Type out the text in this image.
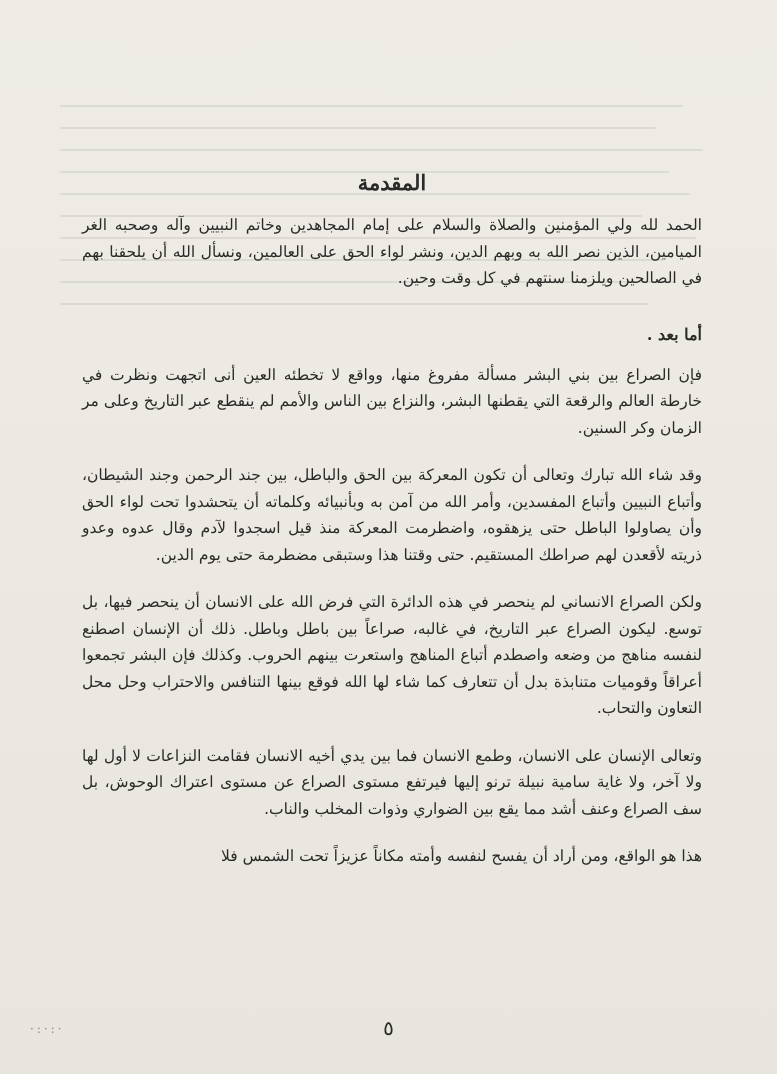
المقدمة

الحمد لله ولي المؤمنين والصلاة والسلام على إمام المجاهدين وخاتم النبيين وآله وصحبه الغر الميامين، الذين نصر الله به وبهم الدين، ونشر لواء الحق على العالمين، ونسأل الله أن يلحقنا بهم في الصالحين ويلزمنا سنتهم في كل وقت وحين.

أما بعد .

فإن الصراع بين بني البشر مسألة مفروغ منها، وواقع لا تخطئه العين أنى اتجهت ونظرت في خارطة العالم والرقعة التي يقطنها البشر، والنزاع بين الناس والأمم لم ينقطع عبر التاريخ وعلى مر الزمان وكر السنين.

وقد شاء الله تبارك وتعالى أن تكون المعركة بين الحق والباطل، بين جند الرحمن وجند الشيطان، وأتباع النبيين وأتباع المفسدين، وأمر الله من آمن به وبأنبيائه وكلماته أن يتحشدوا تحت لواء الحق وأن يصاولوا الباطل حتى يزهقوه، واضطرمت المعركة منذ قيل اسجدوا لآدم وقال عدوه وعدو ذريته لأقعدن لهم صراطك المستقيم. حتى وقتنا هذا وستبقى مضطرمة حتى يوم الدين.

ولكن الصراع الانساني لم ينحصر في هذه الدائرة التي فرض الله على الانسان أن ينحصر فيها، بل توسع. ليكون الصراع عبر التاريخ، في غالبه، صراعاً بين باطل وباطل. ذلك أن الإنسان اصطنع لنفسه مناهج من وضعه واصطدم أتباع المناهج واستعرت بينهم الحروب. وكذلك فإن البشر تجمعوا أعراقاً وقوميات متنابذة بدل أن تتعارف كما شاء لها الله فوقع بينها التنافس والاحتراب وحل محل التعاون والتحاب.

وتعالى الإنسان على الانسان، وطمع الانسان فما بين يدي أخيه الانسان فقامت النزاعات لا أول لها ولا آخر، ولا غاية سامية نبيلة ترنو إليها فيرتفع مستوى الصراع عن مستوى اعتراك الوحوش، بل سف الصراع وعنف أشد مما يقع بين الضواري وذوات المخلب والناب.

هذا هو الواقع، ومن أراد أن يفسح لنفسه وأمته مكاناً عزيزاً تحت الشمس فلا

·:·:·	٥
